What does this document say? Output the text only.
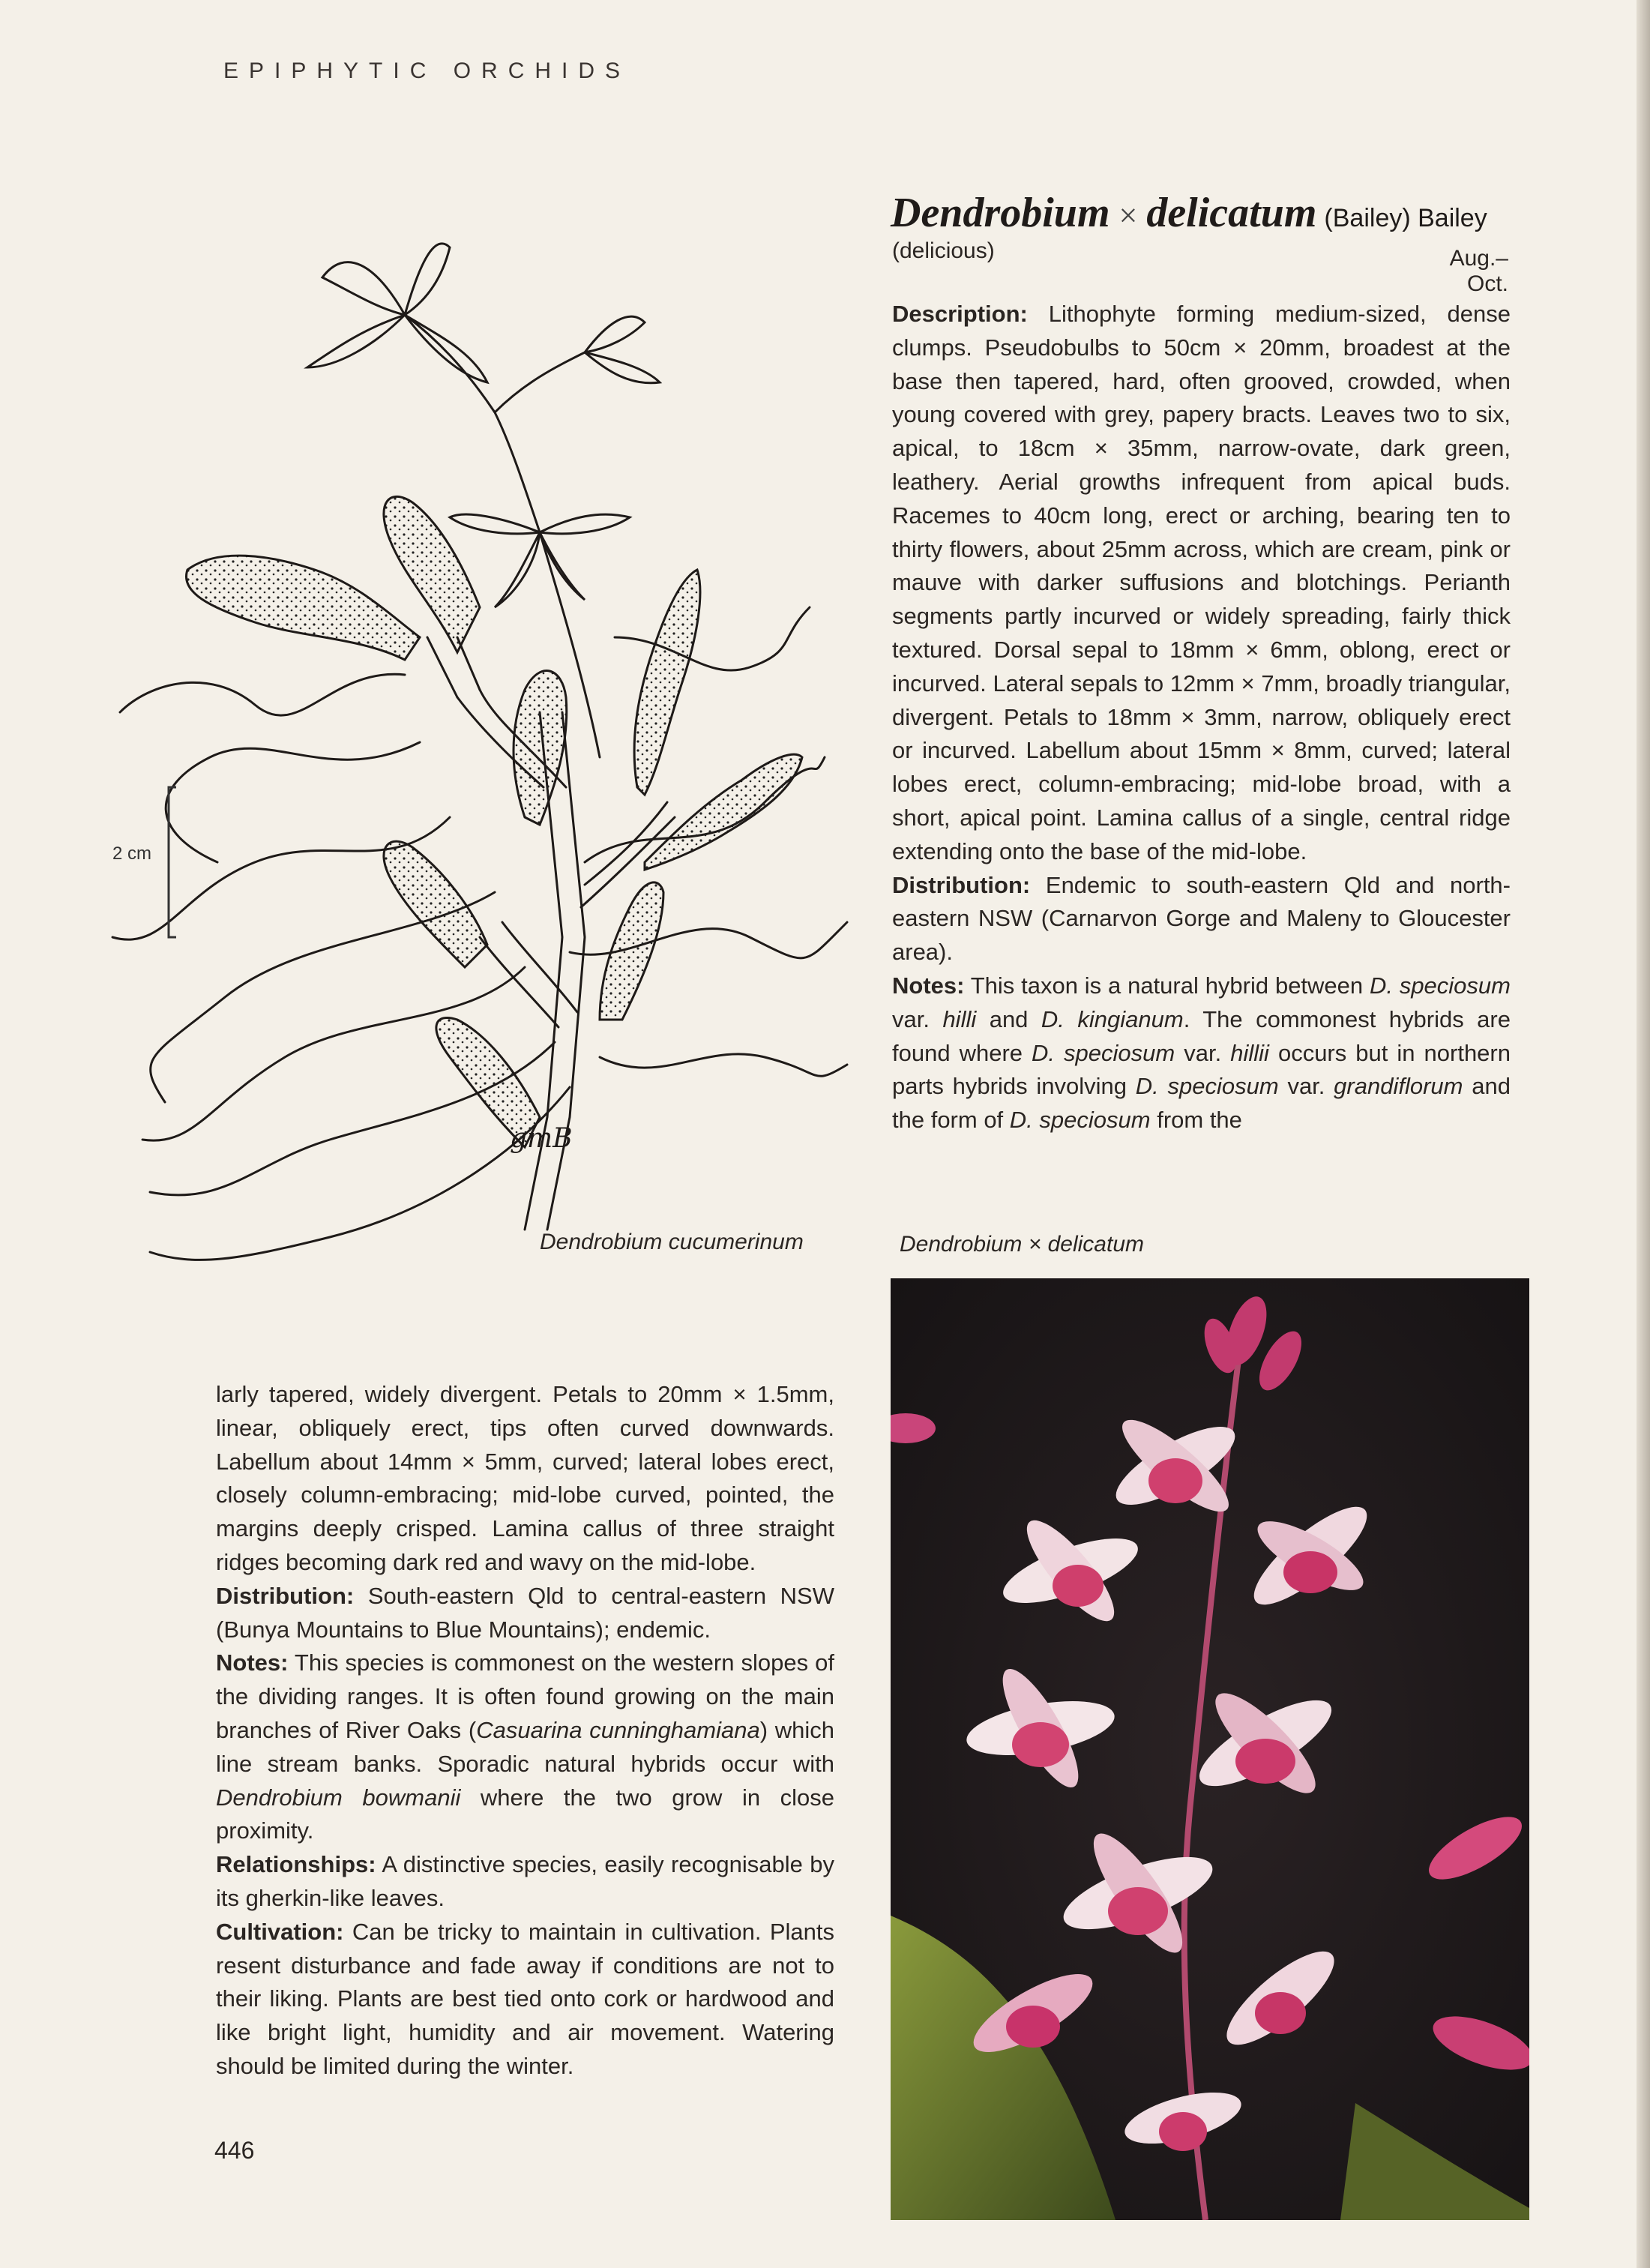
EPIPHYTIC ORCHIDS
gmB
2 cm
Dendrobium cucumerinum
Dendrobium × delicatum (Bailey) Bailey
(delicious)	Aug.–Oct.

Description: Lithophyte forming medium-sized, dense clumps. Pseudobulbs to 50cm × 20mm, broadest at the base then tapered, hard, often grooved, crowded, when young covered with grey, papery bracts. Leaves two to six, apical, to 18cm × 35mm, narrow-ovate, dark green, leathery. Aerial growths infrequent from apical buds. Racemes to 40cm long, erect or arching, bearing ten to thirty flowers, about 25mm across, which are cream, pink or mauve with darker suffusions and blotchings. Perianth segments partly incurved or widely spreading, fairly thick textured. Dorsal sepal to 18mm × 6mm, oblong, erect or incurved. Lateral sepals to 12mm × 7mm, broadly triangular, divergent. Petals to 18mm × 3mm, narrow, obliquely erect or incurved. Labellum about 15mm × 8mm, curved; lateral lobes erect, column-embracing; mid-lobe broad, with a short, apical point. Lamina callus of a single, central ridge extending onto the base of the mid-lobe.

Distribution: Endemic to south-eastern Qld and north-eastern NSW (Carnarvon Gorge and Maleny to Gloucester area).

Notes: This taxon is a natural hybrid between D. speciosum var. hilli and D. kingianum. The commonest hybrids are found where D. speciosum var. hillii occurs but in northern parts hybrids involving D. speciosum var. grandiflorum and the form of D. speciosum from the

Dendrobium × delicatum

larly tapered, widely divergent. Petals to 20mm × 1.5mm, linear, obliquely erect, tips often curved downwards. Labellum about 14mm × 5mm, curved; lateral lobes erect, closely column-embracing; mid-lobe curved, pointed, the margins deeply crisped. Lamina callus of three straight ridges becoming dark red and wavy on the mid-lobe.

Distribution: South-eastern Qld to central-eastern NSW (Bunya Mountains to Blue Mountains); endemic.

Notes: This species is commonest on the western slopes of the dividing ranges. It is often found growing on the main branches of River Oaks (Casuarina cunninghamiana) which line stream banks. Sporadic natural hybrids occur with Dendrobium bowmanii where the two grow in close proximity.

Relationships: A distinctive species, easily recognisable by its gherkin-like leaves.

Cultivation: Can be tricky to maintain in cultivation. Plants resent disturbance and fade away if conditions are not to their liking. Plants are best tied onto cork or hardwood and like bright light, humidity and air movement. Watering should be limited during the winter.

446
